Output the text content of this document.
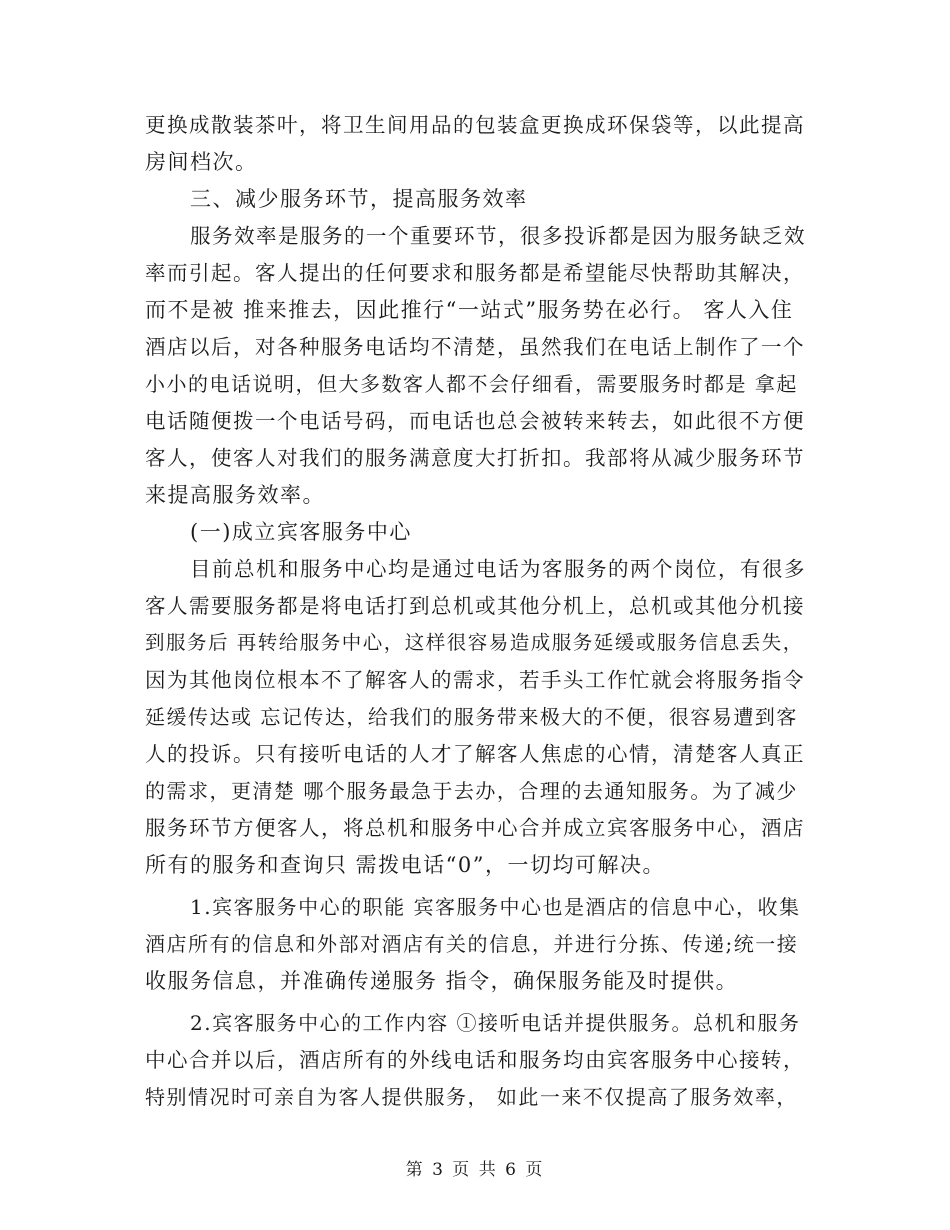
更换成散装茶叶，将卫生间用品的包装盒更换成环保袋等，以此提高
房间档次。
三、减少服务环节，提高服务效率
服务效率是服务的一个重要环节，很多投诉都是因为服务缺乏效
率而引起。客人提出的任何要求和服务都是希望能尽快帮助其解决，
而不是被 推来推去，因此推行“一站式”服务势在必行。 客人入住
酒店以后，对各种服务电话均不清楚，虽然我们在电话上制作了一个
小小的电话说明，但大多数客人都不会仔细看，需要服务时都是 拿起
电话随便拨一个电话号码，而电话也总会被转来转去，如此很不方便
客人，使客人对我们的服务满意度大打折扣。我部将从减少服务环节
来提高服务效率。
(一)成立宾客服务中心
目前总机和服务中心均是通过电话为客服务的两个岗位，有很多
客人需要服务都是将电话打到总机或其他分机上，总机或其他分机接
到服务后 再转给服务中心，这样很容易造成服务延缓或服务信息丢失，
因为其他岗位根本不了解客人的需求，若手头工作忙就会将服务指令
延缓传达或 忘记传达，给我们的服务带来极大的不便，很容易遭到客
人的投诉。只有接听电话的人才了解客人焦虑的心情，清楚客人真正
的需求，更清楚 哪个服务最急于去办，合理的去通知服务。为了减少
服务环节方便客人，将总机和服务中心合并成立宾客服务中心，酒店
所有的服务和查询只 需拨电话“0”，一切均可解决。
1.宾客服务中心的职能 宾客服务中心也是酒店的信息中心，收集
酒店所有的信息和外部对酒店有关的信息，并进行分拣、传递;统一接
收服务信息，并准确传递服务 指令，确保服务能及时提供。
2.宾客服务中心的工作内容 ①接听电话并提供服务。总机和服务
中心合并以后，酒店所有的外线电话和服务均由宾客服务中心接转，
特别情况时可亲自为客人提供服务， 如此一来不仅提高了服务效率，
第 3 页 共 6 页
